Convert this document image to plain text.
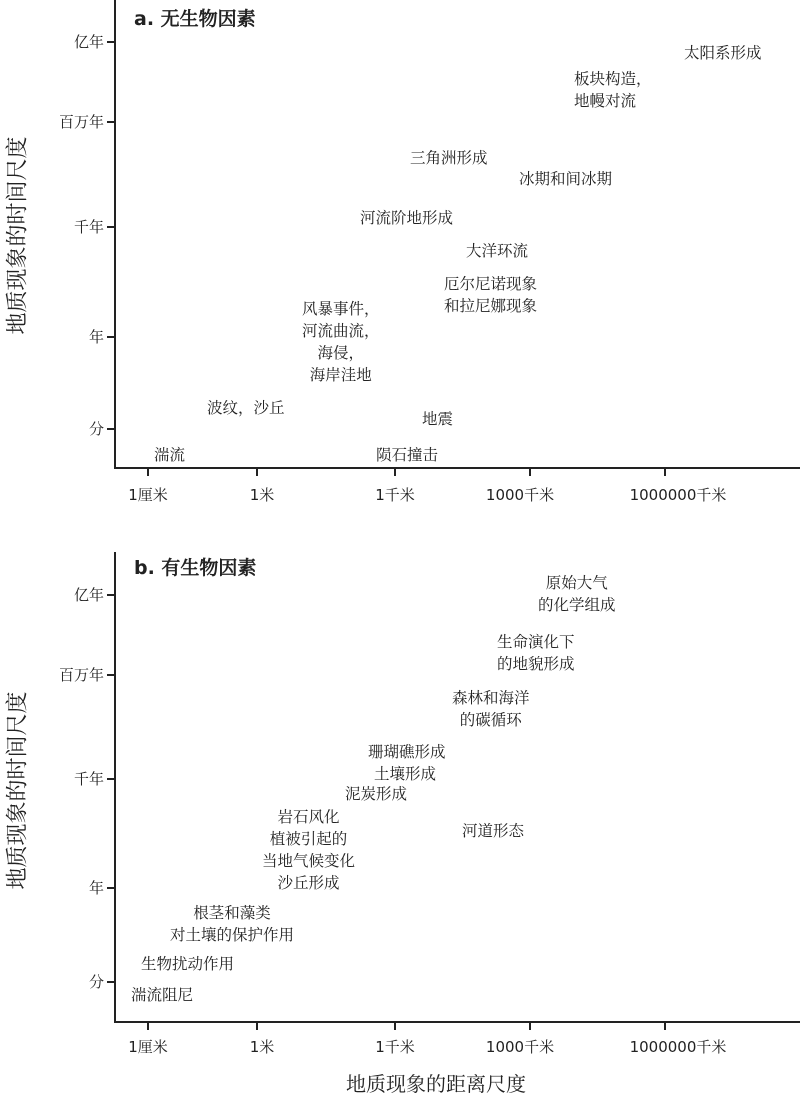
地质现象的时间尺度
地质现象的时间尺度
a. 无生物因素
亿年
百万年
千年
年
分
1厘米	1米	1千米	1000千米	1000000千米
太阳系形成
板块构造，
地幔对流
三角洲形成
冰期和间冰期
河流阶地形成
大洋环流
厄尔尼诺现象
和拉尼娜现象
风暴事件，
河流曲流，
海侵，
海岸洼地
波纹，沙丘
地震
湍流	陨石撞击
b. 有生物因素
亿年
百万年
千年
年
分
1厘米	1米	1千米	1000千米	1000000千米
原始大气
的化学组成
生命演化下
的地貌形成
森林和海洋
的碳循环
珊瑚礁形成
土壤形成
泥炭形成
岩石风化
植被引起的
当地气候变化
沙丘形成
河道形态
根茎和藻类
对土壤的保护作用
生物扰动作用
湍流阻尼
地质现象的距离尺度
